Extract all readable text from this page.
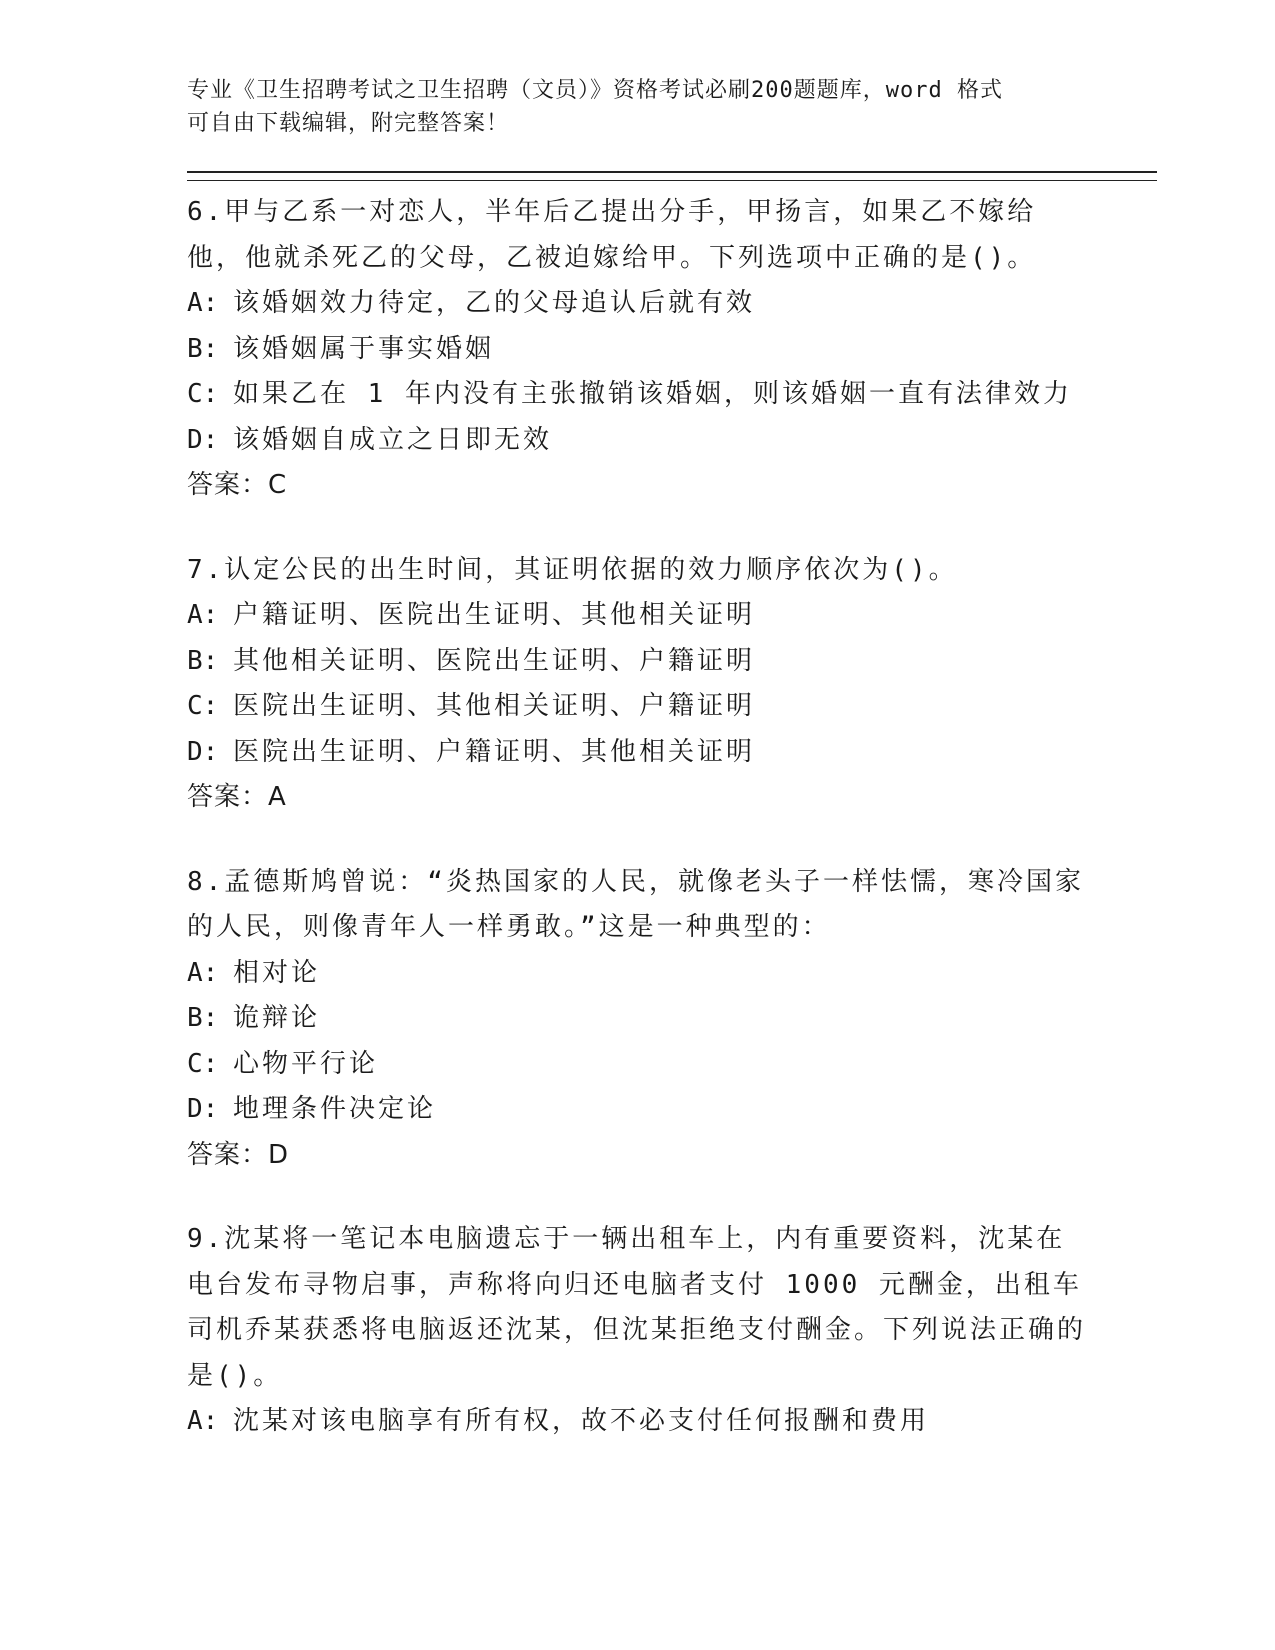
专业《卫生招聘考试之卫生招聘（文员）》资格考试必刷200题题库，word 格式
可自由下载编辑，附完整答案！
6.甲与乙系一对恋人，半年后乙提出分手，甲扬言，如果乙不嫁给他，他就杀死乙的父母，乙被迫嫁给甲。下列选项中正确的是()。
A: 该婚姻效力待定，乙的父母追认后就有效
B: 该婚姻属于事实婚姻
C: 如果乙在 1 年内没有主张撤销该婚姻，则该婚姻一直有法律效力
D: 该婚姻自成立之日即无效
答案：C
7.认定公民的出生时间，其证明依据的效力顺序依次为()。
A: 户籍证明、医院出生证明、其他相关证明
B: 其他相关证明、医院出生证明、户籍证明
C: 医院出生证明、其他相关证明、户籍证明
D: 医院出生证明、户籍证明、其他相关证明
答案：A
8.孟德斯鸠曾说：“炎热国家的人民，就像老头子一样怯懦，寒冷国家的人民，则像青年人一样勇敢。”这是一种典型的：
A: 相对论
B: 诡辩论
C: 心物平行论
D: 地理条件决定论
答案：D
9.沈某将一笔记本电脑遗忘于一辆出租车上，内有重要资料，沈某在电台发布寻物启事，声称将向归还电脑者支付 1000 元酬金，出租车司机乔某获悉将电脑返还沈某，但沈某拒绝支付酬金。下列说法正确的是()。
A: 沈某对该电脑享有所有权，故不必支付任何报酬和费用
